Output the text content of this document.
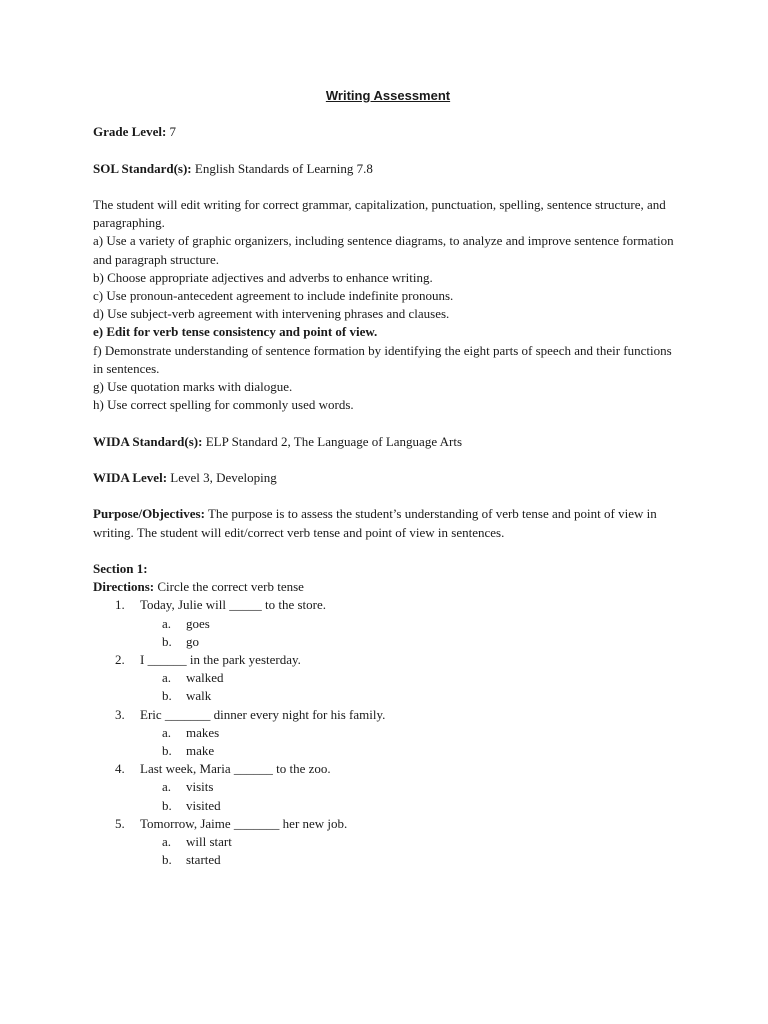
Writing Assessment

Grade Level: 7

SOL Standard(s): English Standards of Learning 7.8

The student will edit writing for correct grammar, capitalization, punctuation, spelling, sentence structure, and paragraphing.

a) Use a variety of graphic organizers, including sentence diagrams, to analyze and improve sentence formation and paragraph structure.

b) Choose appropriate adjectives and adverbs to enhance writing.

c) Use pronoun-antecedent agreement to include indefinite pronouns.

d) Use subject-verb agreement with intervening phrases and clauses.

e) Edit for verb tense consistency and point of view.

f) Demonstrate understanding of sentence formation by identifying the eight parts of speech and their functions in sentences.

g) Use quotation marks with dialogue.

h) Use correct spelling for commonly used words.

WIDA Standard(s): ELP Standard 2, The Language of Language Arts

WIDA Level: Level 3, Developing

Purpose/Objectives: The purpose is to assess the student’s understanding of verb tense and point of view in writing. The student will edit/correct verb tense and point of view in sentences.

Section 1:

Directions: Circle the correct verb tense

1.	Today, Julie will _____ to the store.
a. goes
b. go
2.	I ______ in the park yesterday.
a. walked
b. walk
3.	Eric _______ dinner every night for his family.
a. makes
b. make
4.	Last week, Maria ______ to the zoo.
a. visits
b. visited
5.	Tomorrow, Jaime _______ her new job.
a. will start
b. started
